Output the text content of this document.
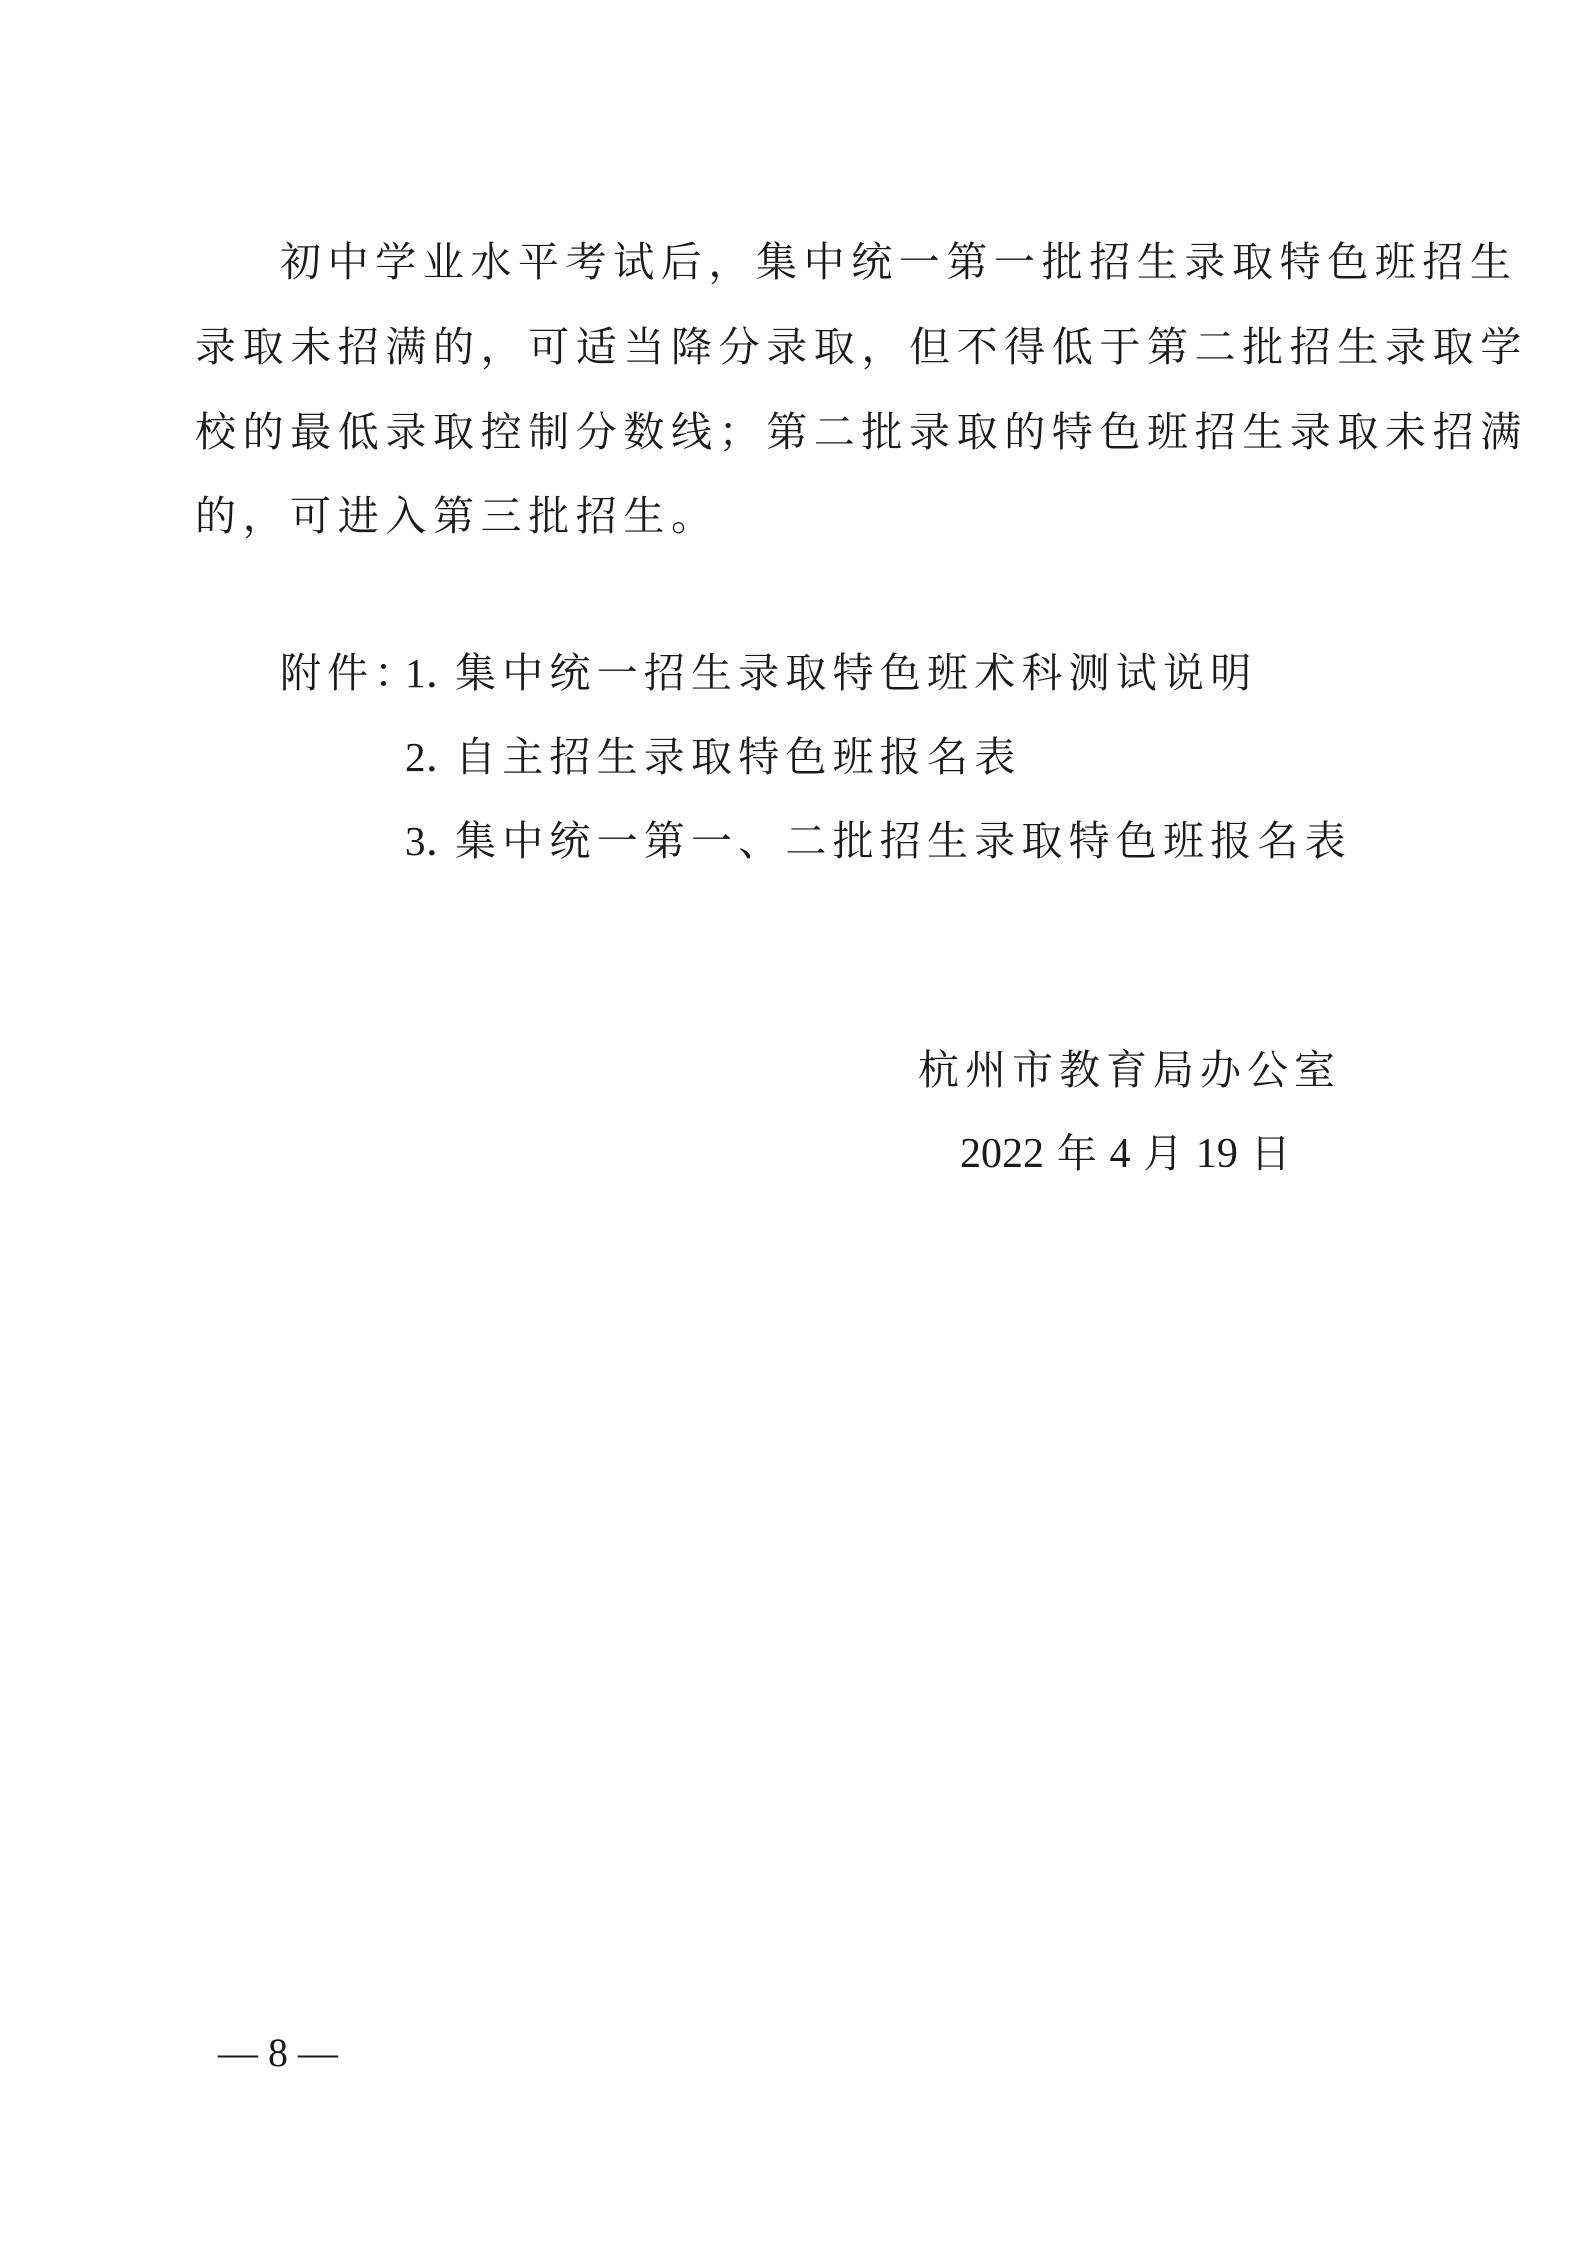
初中学业水平考试后，集中统一第一批招生录取特色班招生
录取未招满的，可适当降分录取，但不得低于第二批招生录取学
校的最低录取控制分数线；第二批录取的特色班招生录取未招满
的，可进入第三批招生。
附件：
1．集中统一招生录取特色班术科测试说明
2．自主招生录取特色班报名表
3．集中统一第一、二批招生录取特色班报名表
杭州市教育局办公室
2022 年 4 月 19 日
— 8 —
